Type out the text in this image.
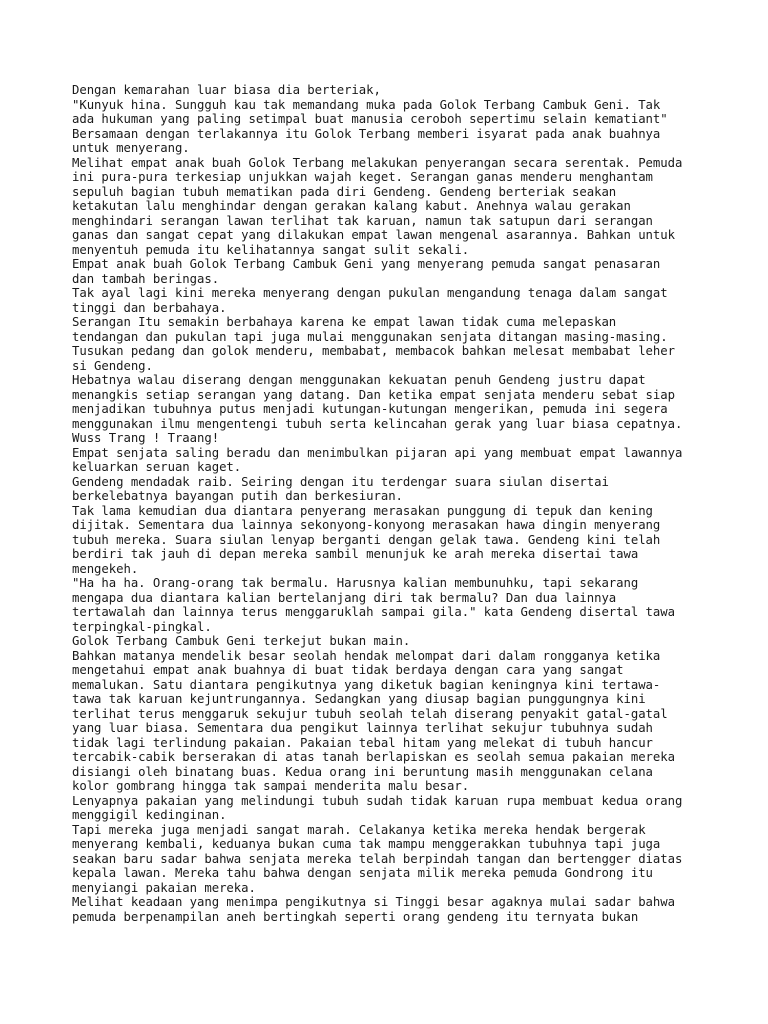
Dengan kemarahan luar biasa dia berteriak,

"Kunyuk hina. Sungguh kau tak memandang muka pada Golok Terbang Cambuk Geni. Tak
ada hukuman yang paling setimpal buat manusia ceroboh sepertimu selain kematiant"

Bersamaan dengan terlakannya itu Golok Terbang memberi isyarat pada anak buahnya
untuk menyerang.

Melihat empat anak buah Golok Terbang melakukan penyerangan secara serentak. Pemuda
ini pura-pura terkesiap unjukkan wajah keget. Serangan ganas menderu menghantam
sepuluh bagian tubuh mematikan pada diri Gendeng. Gendeng berteriak seakan
ketakutan lalu menghindar dengan gerakan kalang kabut. Anehnya walau gerakan
menghindari serangan lawan terlihat tak karuan, namun tak satupun dari serangan
ganas dan sangat cepat yang dilakukan empat lawan mengenal asarannya. Bahkan untuk
menyentuh pemuda itu kelihatannya sangat sulit sekali.

Empat anak buah Golok Terbang Cambuk Geni yang menyerang pemuda sangat penasaran
dan tambah beringas.

Tak ayal lagi kini mereka menyerang dengan pukulan mengandung tenaga dalam sangat
tinggi dan berbahaya.

Serangan Itu semakin berbahaya karena ke empat lawan tidak cuma melepaskan
tendangan dan pukulan tapi juga mulai menggunakan senjata ditangan masing-masing.
Tusukan pedang dan golok menderu, membabat, membacok bahkan melesat membabat leher
si Gendeng.

Hebatnya walau diserang dengan menggunakan kekuatan penuh Gendeng justru dapat
menangkis setiap serangan yang datang. Dan ketika empat senjata menderu sebat siap
menjadikan tubuhnya putus menjadi kutungan-kutungan mengerikan, pemuda ini segera
menggunakan ilmu mengentengi tubuh serta kelincahan gerak yang luar biasa cepatnya.

Wuss Trang ! Traang!

Empat senjata saling beradu dan menimbulkan pijaran api yang membuat empat lawannya
keluarkan seruan kaget.

Gendeng mendadak raib. Seiring dengan itu terdengar suara siulan disertai
berkelebatnya bayangan putih dan berkesiuran.

Tak lama kemudian dua diantara penyerang merasakan punggung di tepuk dan kening
dijitak. Sementara dua lainnya sekonyong-konyong merasakan hawa dingin menyerang
tubuh mereka. Suara siulan lenyap berganti dengan gelak tawa. Gendeng kini telah
berdiri tak jauh di depan mereka sambil menunjuk ke arah mereka disertai tawa
mengekeh.

"Ha ha ha. Orang-orang tak bermalu. Harusnya kalian membunuhku, tapi sekarang
mengapa dua diantara kalian bertelanjang diri tak bermalu? Dan dua lainnya
tertawalah dan lainnya terus menggaruklah sampai gila." kata Gendeng disertal tawa
terpingkal-pingkal.

Golok Terbang Cambuk Geni terkejut bukan main.

Bahkan matanya mendelik besar seolah hendak melompat dari dalam rongganya ketika
mengetahui empat anak buahnya di buat tidak berdaya dengan cara yang sangat
memalukan. Satu diantara pengikutnya yang diketuk bagian keningnya kini tertawa-
tawa tak karuan kejuntrungannya. Sedangkan yang diusap bagian punggungnya kini
terlihat terus menggaruk sekujur tubuh seolah telah diserang penyakit gatal-gatal
yang luar biasa. Sementara dua pengikut lainnya terlihat sekujur tubuhnya sudah
tidak lagi terlindung pakaian. Pakaian tebal hitam yang melekat di tubuh hancur
tercabik-cabik berserakan di atas tanah berlapiskan es seolah semua pakaian mereka
disiangi oleh binatang buas. Kedua orang ini beruntung masih menggunakan celana
kolor gombrang hingga tak sampai menderita malu besar.

Lenyapnya pakaian yang melindungi tubuh sudah tidak karuan rupa membuat kedua orang
menggigil kedinginan.

Tapi mereka juga menjadi sangat marah. Celakanya ketika mereka hendak bergerak
menyerang kembali, keduanya bukan cuma tak mampu menggerakkan tubuhnya tapi juga
seakan baru sadar bahwa senjata mereka telah berpindah tangan dan bertengger diatas
kepala lawan. Mereka tahu bahwa dengan senjata milik mereka pemuda Gondrong itu
menyiangi pakaian mereka.

Melihat keadaan yang menimpa pengikutnya si Tinggi besar agaknya mulai sadar bahwa
pemuda berpenampilan aneh bertingkah seperti orang gendeng itu ternyata bukan
